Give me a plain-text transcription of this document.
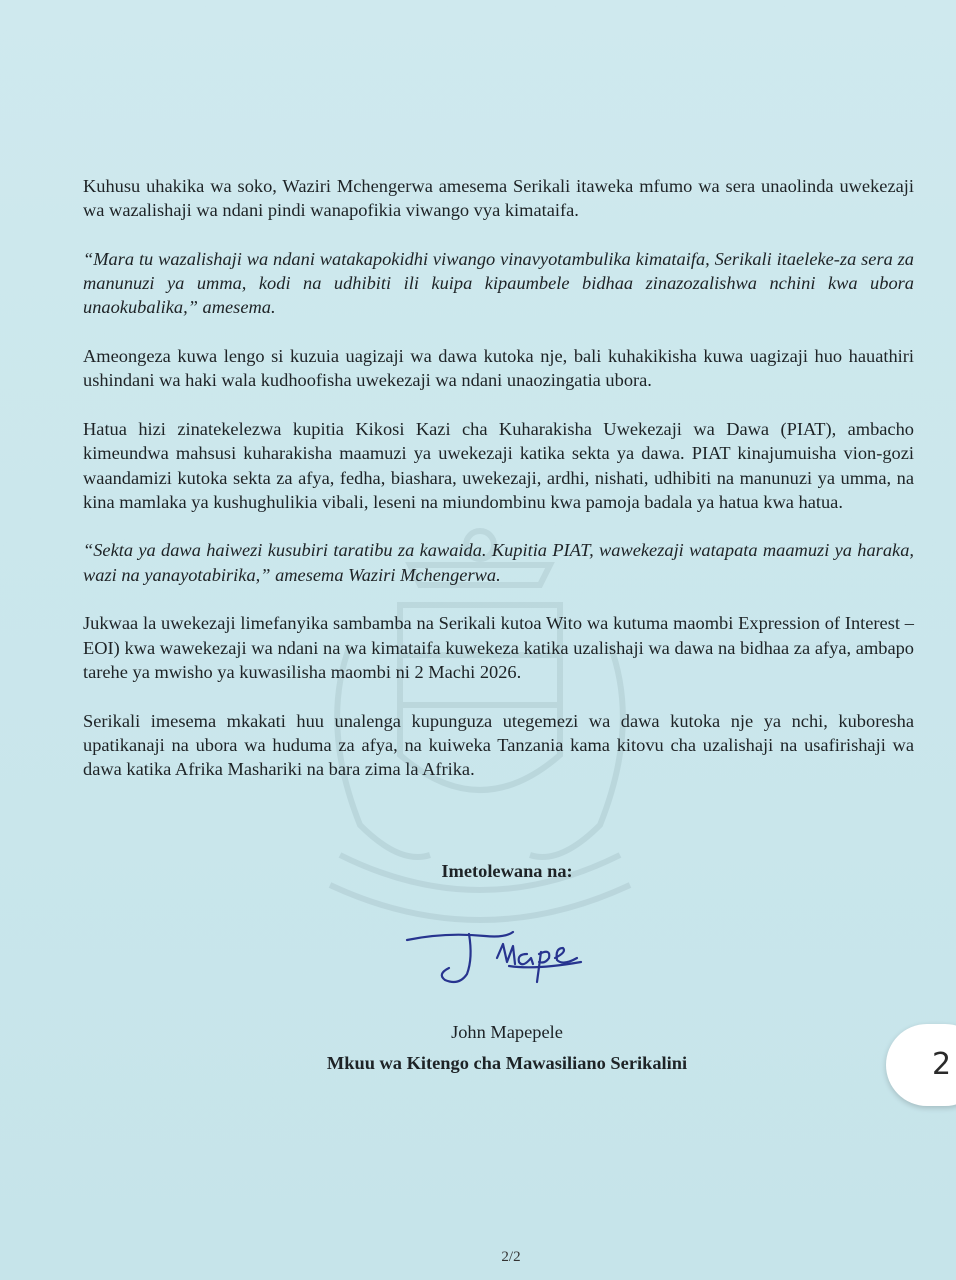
Kuhusu uhakika wa soko, Waziri Mchengerwa amesema Serikali itaweka mfumo wa sera unaolinda uwekezaji wa wazalishaji wa ndani pindi wanapofikia viwango vya kimataifa.

“Mara tu wazalishaji wa ndani watakapokidhi viwango vinavyotambulika kimataifa, Serikali itaeleke-za sera za manunuzi ya umma, kodi na udhibiti ili kuipa kipaumbele bidhaa zinazozalishwa nchini kwa ubora unaokubalika,” amesema.

Ameongeza kuwa lengo si kuzuia uagizaji wa dawa kutoka nje, bali kuhakikisha kuwa uagizaji huo hauathiri ushindani wa haki wala kudhoofisha uwekezaji wa ndani unaozingatia ubora.

Hatua hizi zinatekelezwa kupitia Kikosi Kazi cha Kuharakisha Uwekezaji wa Dawa (PIAT), ambacho kimeundwa mahsusi kuharakisha maamuzi ya uwekezaji katika sekta ya dawa. PIAT kinajumuisha vion-gozi waandamizi kutoka sekta za afya, fedha, biashara, uwekezaji, ardhi, nishati, udhibiti na manunuzi ya umma, na kina mamlaka ya kushughulikia vibali, leseni na miundombinu kwa pamoja badala ya hatua kwa hatua.

“Sekta ya dawa haiwezi kusubiri taratibu za kawaida. Kupitia PIAT, wawekezaji watapata maamuzi ya haraka, wazi na yanayotabirika,” amesema Waziri Mchengerwa.

Jukwaa la uwekezaji limefanyika sambamba na Serikali kutoa Wito wa kutuma maombi Expression of Interest – EOI) kwa wawekezaji wa ndani na wa kimataifa kuwekeza katika uzalishaji wa dawa na bidhaa za afya, ambapo tarehe ya mwisho ya kuwasilisha maombi ni 2 Machi 2026.

Serikali imesema mkakati huu unalenga kupunguza utegemezi wa dawa kutoka nje ya nchi, kuboresha upatikanaji na ubora wa huduma za afya, na kuiweka Tanzania kama kitovu cha uzalishaji na usafirishaji wa dawa katika Afrika Mashariki na bara zima la Afrika.

Imetolewana na:
John Mapepele
Mkuu wa Kitengo cha Mawasiliano Serikalini
2/2
2
